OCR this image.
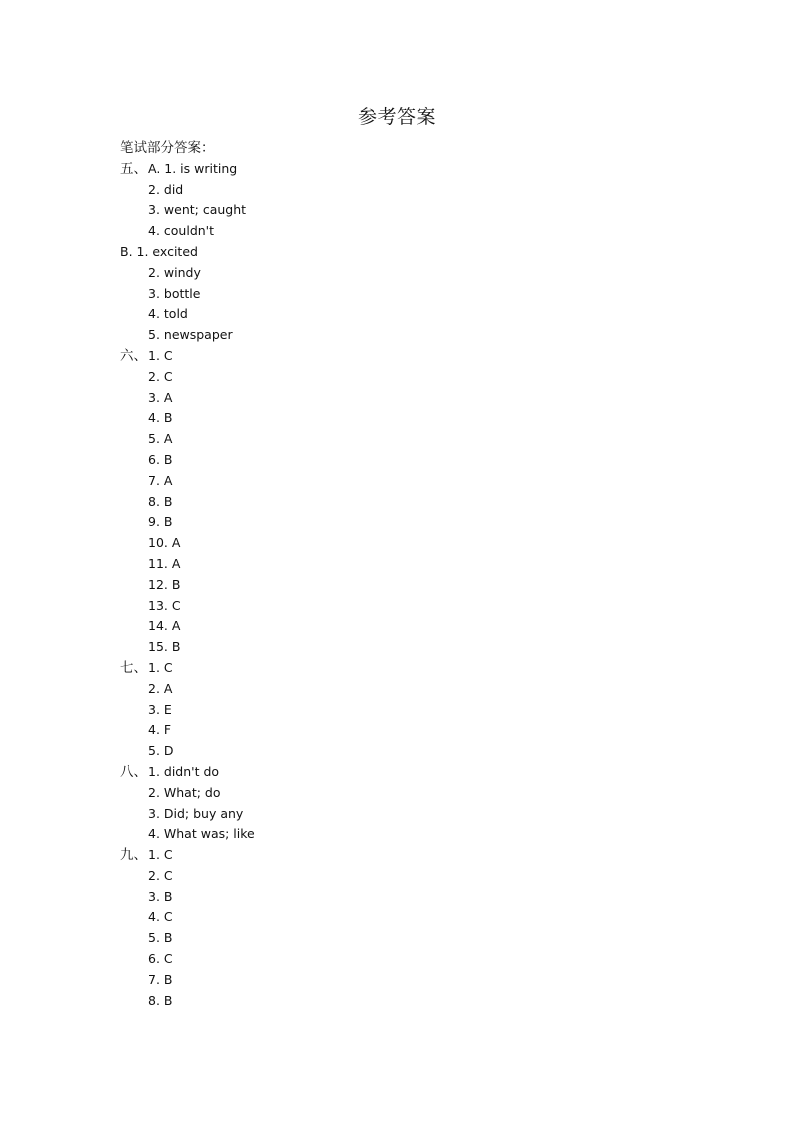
参考答案
笔试部分答案：
五、A. 1. is writing
2. did
3. went; caught
4. couldn't
B. 1. excited
2. windy
3. bottle
4. told
5. newspaper
六、1. C
2. C
3. A
4. B
5. A
6. B
7. A
8. B
9. B
10. A
11. A
12. B
13. C
14. A
15. B
七、1. C
2. A
3. E
4. F
5. D
八、1. didn't do
2. What; do
3. Did; buy any
4. What was; like
九、1. C
2. C
3. B
4. C
5. B
6. C
7. B
8. B
